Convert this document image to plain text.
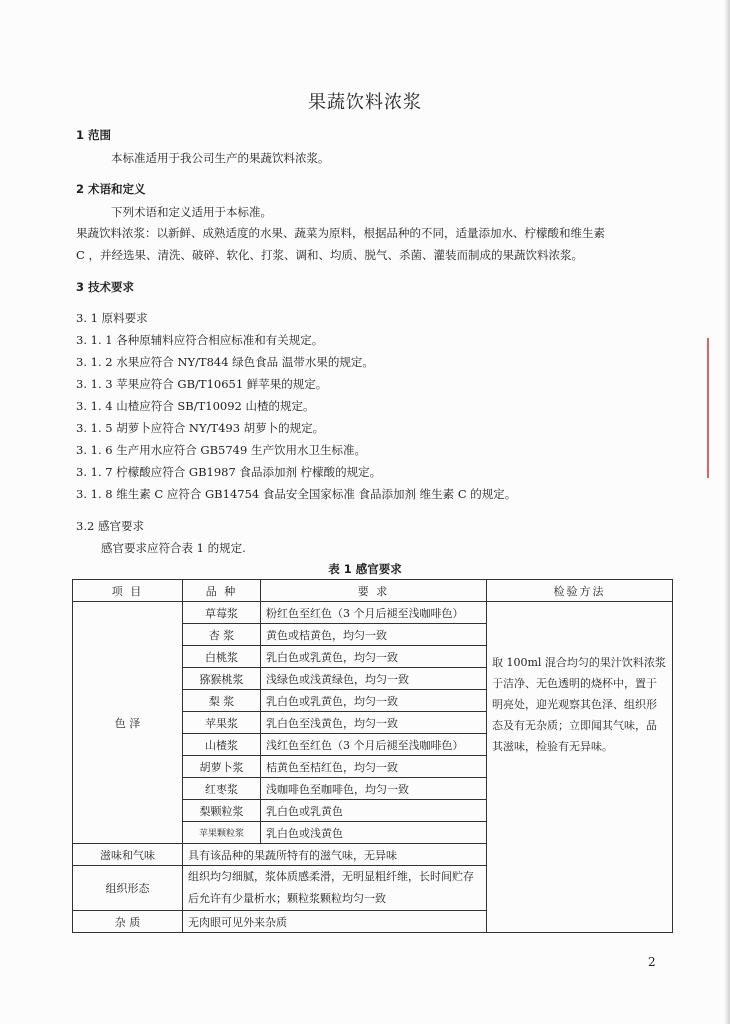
果蔬饮料浓浆
1 范围
本标准适用于我公司生产的果蔬饮料浓浆。
2 术语和定义
下列术语和定义适用于本标准。
果蔬饮料浓浆：以新鲜、成熟适度的水果、蔬菜为原料，根据品种的不同，适量添加水、柠檬酸和维生素
C ，并经选果、清洗、破碎、软化、打浆、调和、均质、脱气、杀菌、灌装而制成的果蔬饮料浓浆。
3 技术要求
3. 1 原料要求
3. 1. 1 各种原辅料应符合相应标准和有关规定。
3. 1. 2 水果应符合 NY/T844 绿色食品 温带水果的规定。
3. 1. 3 苹果应符合 GB/T10651 鲜苹果的规定。
3. 1. 4 山楂应符合 SB/T10092 山楂的规定。
3. 1. 5 胡萝卜应符合 NY/T493 胡萝卜的规定。
3. 1. 6 生产用水应符合 GB5749 生产饮用水卫生标准。
3. 1. 7 柠檬酸应符合 GB1987 食品添加剂 柠檬酸的规定。
3. 1. 8 维生素 C 应符合 GB14754 食品安全国家标准 食品添加剂 维生素 C 的规定。
3.2 感官要求
感官要求应符合表 1 的规定.
表 1 感官要求
项 目	品 种	要 求	检验方法
色 泽	草莓浆	粉红色至红色（3 个月后褪至浅咖啡色）	取 100ml 混合均匀的果汁饮料浓浆于洁净、无色透明的烧杯中，置于明亮处，迎光观察其色泽、组织形态及有无杂质；立即闻其气味，品其滋味，检验有无异味。
	杏 浆	黄色或桔黄色，均匀一致	
	白桃浆	乳白色或乳黄色，均匀一致	
	猕猴桃浆	浅绿色或浅黄绿色，均匀一致	
	梨 浆	乳白色或乳黄色，均匀一致	
	苹果浆	乳白色至浅黄色，均匀一致	
	山楂浆	浅红色至红色（3 个月后褪至浅咖啡色）	
	胡萝卜浆	桔黄色至桔红色，均匀一致	
	红枣浆	浅咖啡色至咖啡色，均匀一致	
	梨颗粒浆	乳白色或乳黄色	
	苹果颗粒浆	乳白色或浅黄色	
滋味和气味	具有该品种的果蔬所特有的滋气味，无异味		
组织形态	组织均匀细腻，浆体质感柔滑，无明显粗纤维，长时间贮存后允许有少量析水；颗粒浆颗粒均匀一致		
杂 质	无肉眼可见外来杂质		
2
